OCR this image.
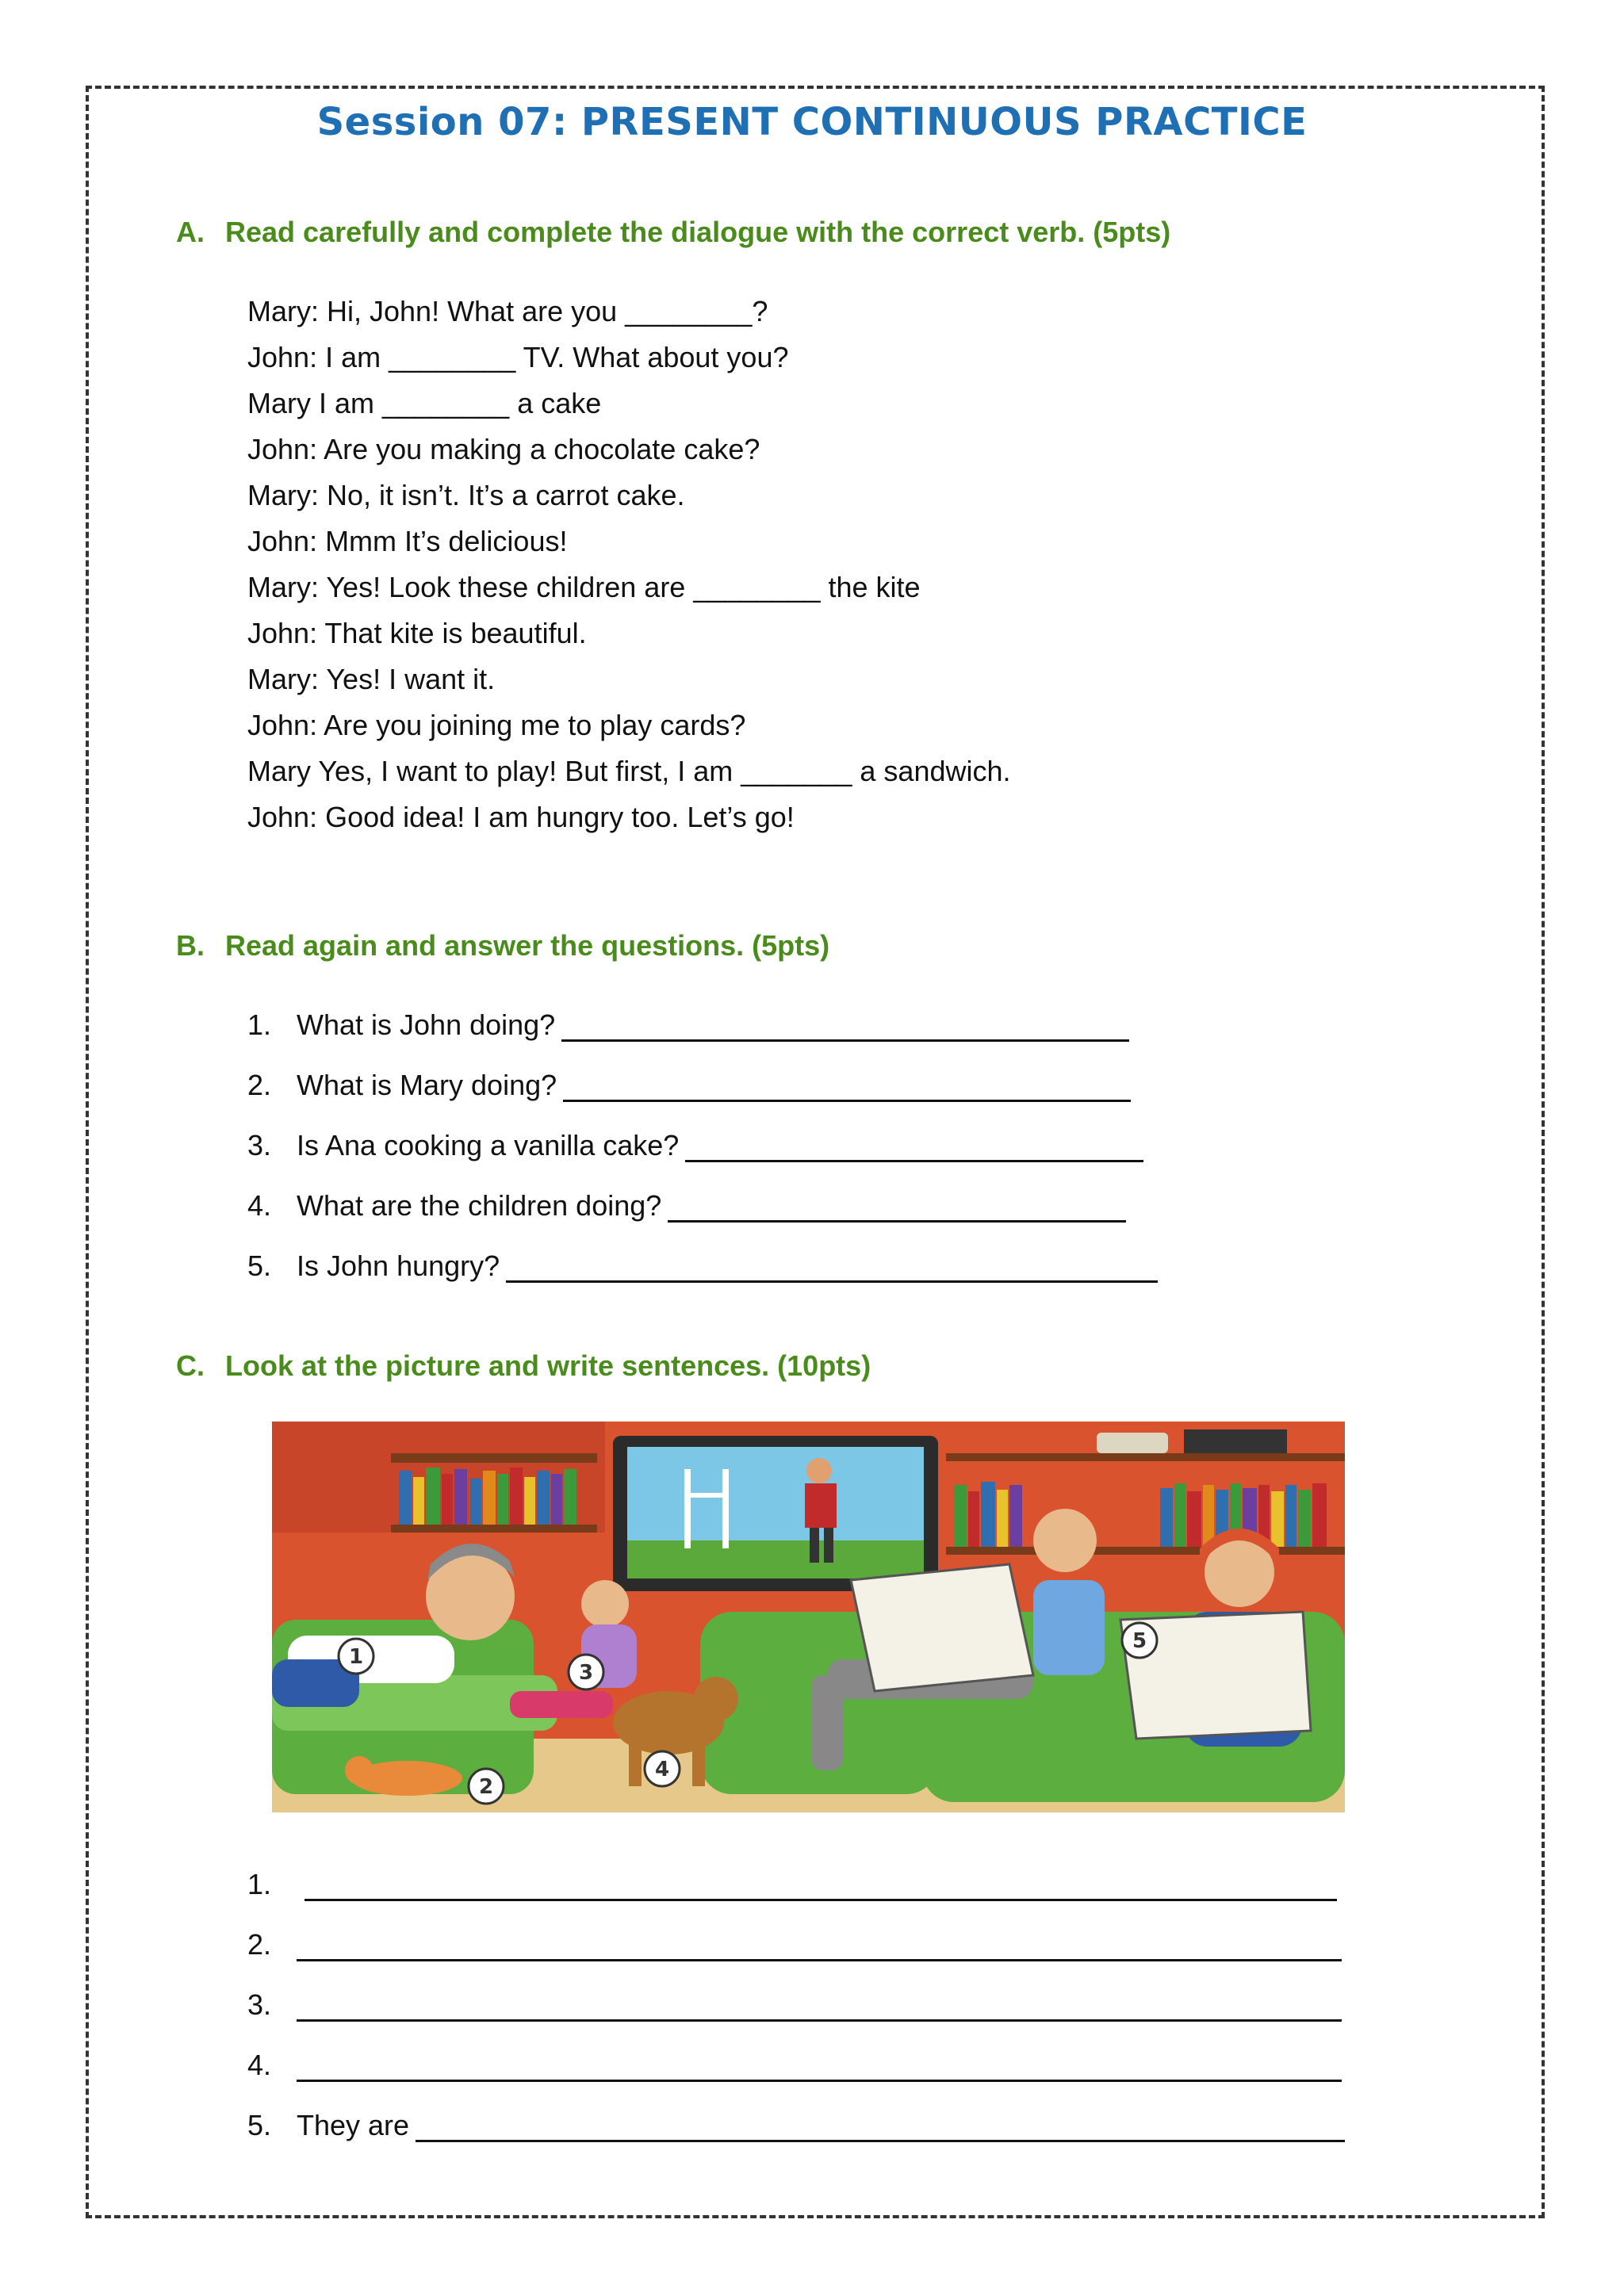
Session 07: PRESENT CONTINUOUS PRACTICE
A. Read carefully and complete the dialogue with the correct verb. (5pts)
Mary: Hi, John! What are you ________?
John: I am ________ TV. What about you?
Mary I am ________ a cake
John: Are you making a chocolate cake?
Mary: No, it isn’t. It’s a carrot cake.
John: Mmm It’s delicious!
Mary: Yes! Look these children are ________ the kite
John: That kite is beautiful.
Mary: Yes! I want it.
John: Are you joining me to play cards?
Mary Yes, I want to play! But first, I am _______ a sandwich.
John: Good idea! I am hungry too. Let’s go!
B. Read again and answer the questions. (5pts)
1. What is John doing?
2. What is Mary doing?
3. Is Ana cooking a vanilla cake?
4. What are the children doing?
5. Is John hungry?
C. Look at the picture and write sentences. (10pts)
1
2
3
4
5
1.
2.
3.
4.
5. They are
